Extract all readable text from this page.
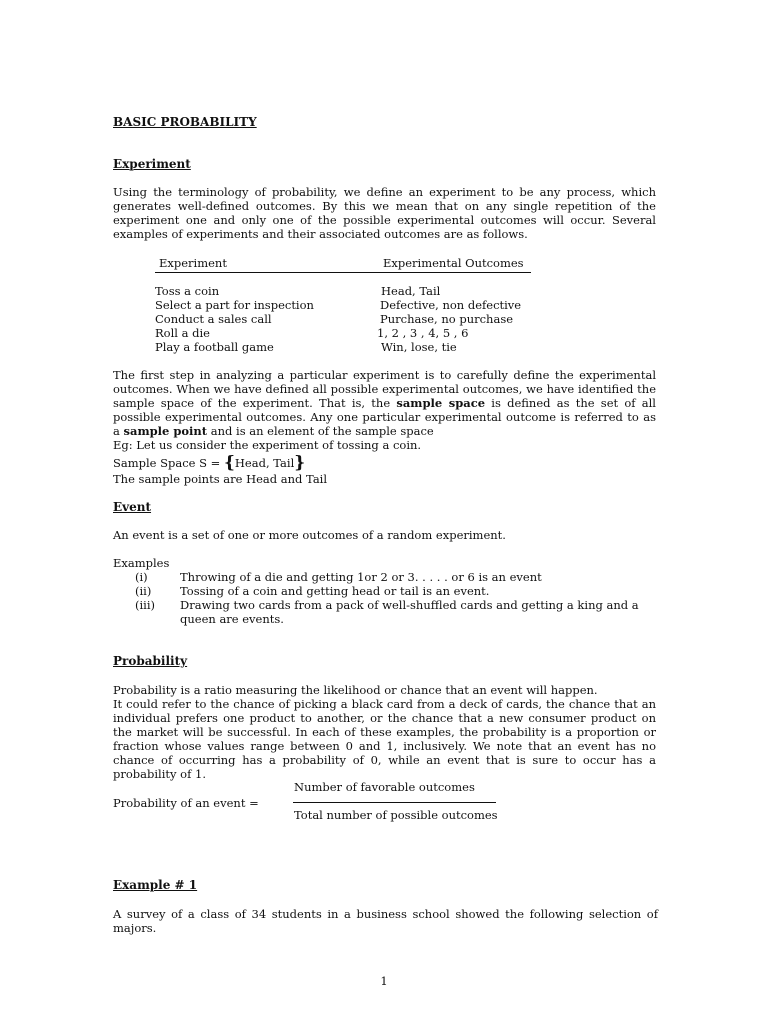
BASIC PROBABILITY
Experiment
Using the terminology of probability, we define an experiment to be any process, which generates well-defined outcomes. By this we mean that on any single repetition of the experiment one and only one of the possible experimental outcomes will occur. Several examples of experiments and their associated outcomes are as follows.
Experiment	Experimental Outcomes
Toss a coin	Head, Tail
Select a part for inspection	Defective, non defective
Conduct a sales call	Purchase, no purchase
Roll a die	1, 2 , 3 , 4, 5 , 6
Play a football game	Win, lose, tie
The first step in analyzing a particular experiment is to carefully define the experimental outcomes. When we have defined all possible experimental outcomes, we have identified the sample space of the experiment. That is, the sample space is defined as the set of all possible experimental outcomes. Any one particular experimental outcome is referred to as a sample point and is an element of the sample space
Eg: Let us consider the experiment of tossing a coin.
Sample Space S = {Head, Tail}
The sample points are Head and Tail
Event
An event is a set of one or more outcomes of a random experiment.
Examples
(i)	Throwing of a die and getting 1or 2 or 3. . . . . or 6 is an event
(ii) Tossing of a coin and getting head or tail is an event.
(iii) Drawing two cards from a pack of well-shuffled cards and getting a king and a queen are events.
Probability
Probability is a ratio measuring the likelihood or chance that an event will happen.
It could refer to the chance of picking a black card from a deck of cards, the chance that an individual prefers one product to another, or the chance that a new consumer product on the market will be successful. In each of these examples, the probability is a proportion or fraction whose values range between 0 and 1, inclusively. We note that an event has no chance of occurring has a probability of 0, while an event that is sure to occur has a probability of 1.
Probability of an event =
Number of favorable outcomes
Total number of possible outcomes
Example # 1
A survey of a class of 34 students in a business school showed the following selection of majors.
1
